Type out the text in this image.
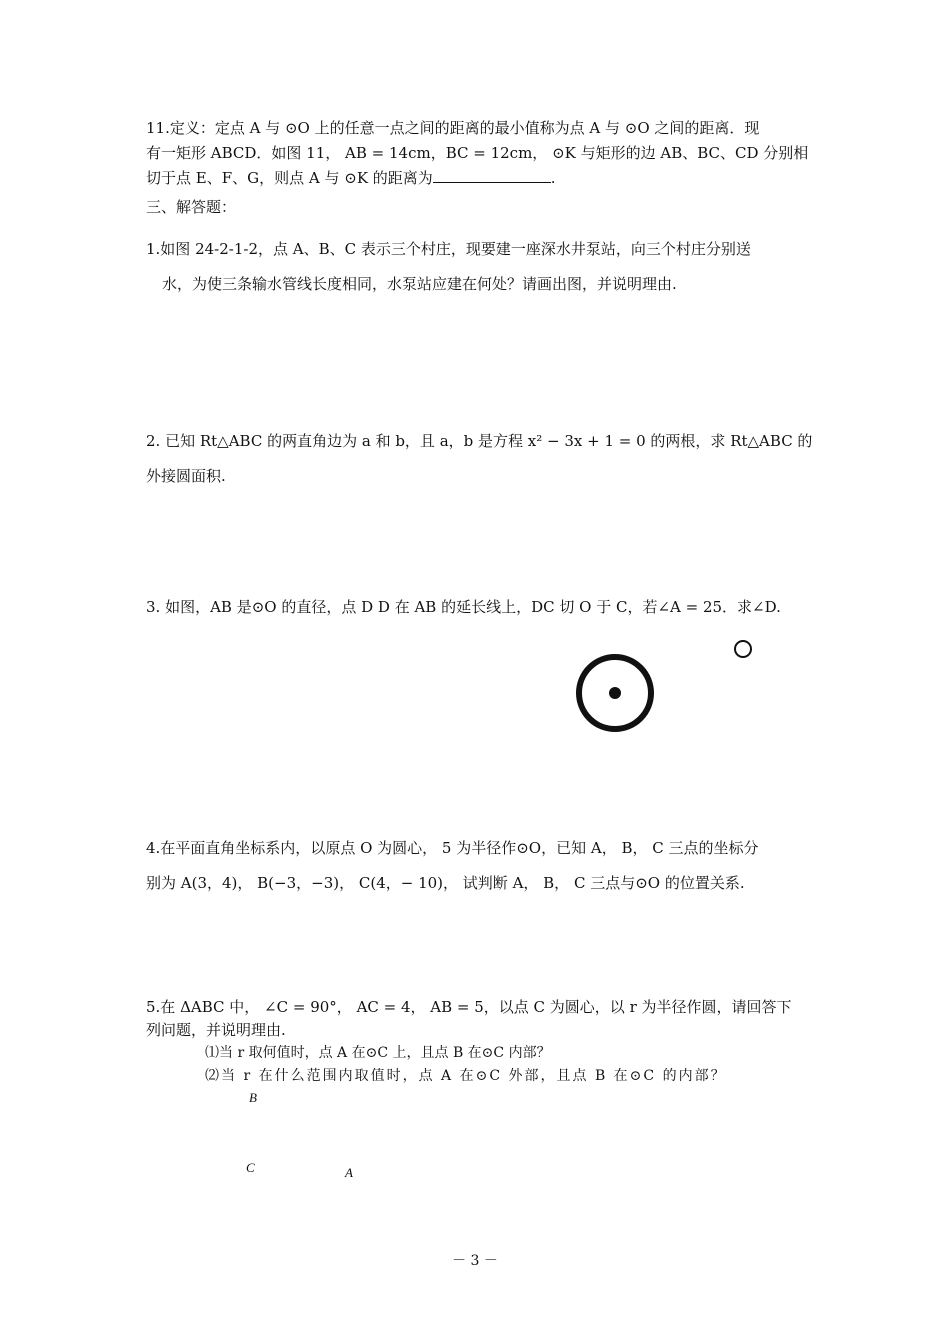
11.定义：定点 A 与 ⊙O 上的任意一点之间的距离的最小值称为点 A 与 ⊙O 之间的距离．现
有一矩形 ABCD．如图 11， AB = 14cm，BC = 12cm， ⊙K 与矩形的边 AB、BC、CD 分别相
切于点 E、F、G，则点 A 与 ⊙K 的距离为	.
三、解答题：
1.如图 24-2-1-2，点 A、B、C 表示三个村庄，现要建一座深水井泵站，向三个村庄分别送
水，为使三条输水管线长度相同，水泵站应建在何处？请画出图，并说明理由.
2. 已知 Rt△ABC 的两直角边为 a 和 b，且 a，b 是方程 x² − 3x + 1 = 0 的两根，求 Rt△ABC 的
外接圆面积.
3. 如图，AB 是⊙O 的直径，点 D D 在 AB 的延长线上，DC 切 O 于 C，若∠A = 25．求∠D.
4.在平面直角坐标系内，以原点 O 为圆心， 5 为半径作⊙O，已知 A， B， C 三点的坐标分
别为 A(3，4)， B(−3，−3)， C(4，− 10)， 试判断 A， B， C 三点与⊙O 的位置关系.
5.在 ΔABC 中， ∠C = 90°， AC = 4， AB = 5，以点 C 为圆心，以 r 为半径作圆，请回答下
列问题，并说明理由.
⑴当 r 取何值时，点 A 在⊙C 上，且点 B 在⊙C 内部？
⑵当 r 在什么范围内取值时，点 A 在⊙C 外部，且点 B 在⊙C 的内部？
B
C	A
－ 3 －
